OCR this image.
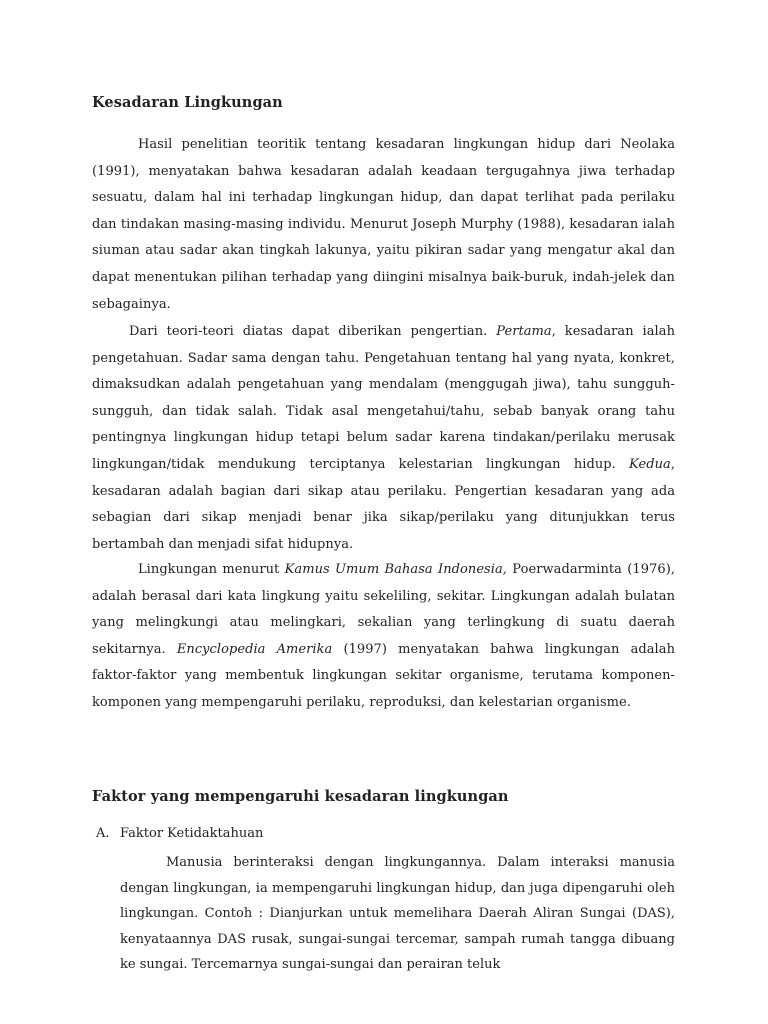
Kesadaran Lingkungan

Hasil penelitian teoritik tentang kesadaran lingkungan hidup dari Neolaka (1991), menyatakan bahwa kesadaran adalah keadaan tergugahnya jiwa terhadap sesuatu, dalam hal ini terhadap lingkungan hidup, dan dapat terlihat pada perilaku dan tindakan masing-masing individu. Menurut Joseph Murphy (1988), kesadaran ialah siuman atau sadar akan tingkah lakunya, yaitu pikiran sadar yang mengatur akal dan dapat menentukan pilihan terhadap yang diingini misalnya baik-buruk, indah-jelek dan sebagainya.

Dari teori-teori diatas dapat diberikan pengertian. Pertama, kesadaran ialah pengetahuan. Sadar sama dengan tahu. Pengetahuan tentang hal yang nyata, konkret, dimaksudkan adalah pengetahuan yang mendalam (menggugah jiwa), tahu sungguh-sungguh, dan tidak salah. Tidak asal mengetahui/tahu, sebab banyak orang tahu pentingnya lingkungan hidup tetapi belum sadar karena tindakan/perilaku merusak lingkungan/tidak mendukung terciptanya kelestarian lingkungan hidup. Kedua, kesadaran adalah bagian dari sikap atau perilaku. Pengertian kesadaran yang ada sebagian dari sikap menjadi benar jika sikap/perilaku yang ditunjukkan terus bertambah dan menjadi sifat hidupnya.

Lingkungan menurut Kamus Umum Bahasa Indonesia, Poerwadarminta (1976), adalah berasal dari kata lingkung yaitu sekeliling, sekitar. Lingkungan adalah bulatan yang melingkungi atau melingkari, sekalian yang terlingkung di suatu daerah sekitarnya. Encyclopedia Amerika (1997) menyatakan bahwa lingkungan adalah faktor-faktor yang membentuk lingkungan sekitar organisme, terutama komponen-komponen yang mempengaruhi perilaku, reproduksi, dan kelestarian organisme.

Faktor yang mempengaruhi kesadaran lingkungan

A. Faktor Ketidaktahuan

Manusia berinteraksi dengan lingkungannya. Dalam interaksi manusia dengan lingkungan, ia mempengaruhi lingkungan hidup, dan juga dipengaruhi oleh lingkungan. Contoh : Dianjurkan untuk memelihara Daerah Aliran Sungai (DAS), kenyataannya DAS rusak, sungai-sungai tercemar, sampah rumah tangga dibuang ke sungai. Tercemarnya sungai-sungai dan perairan teluk
